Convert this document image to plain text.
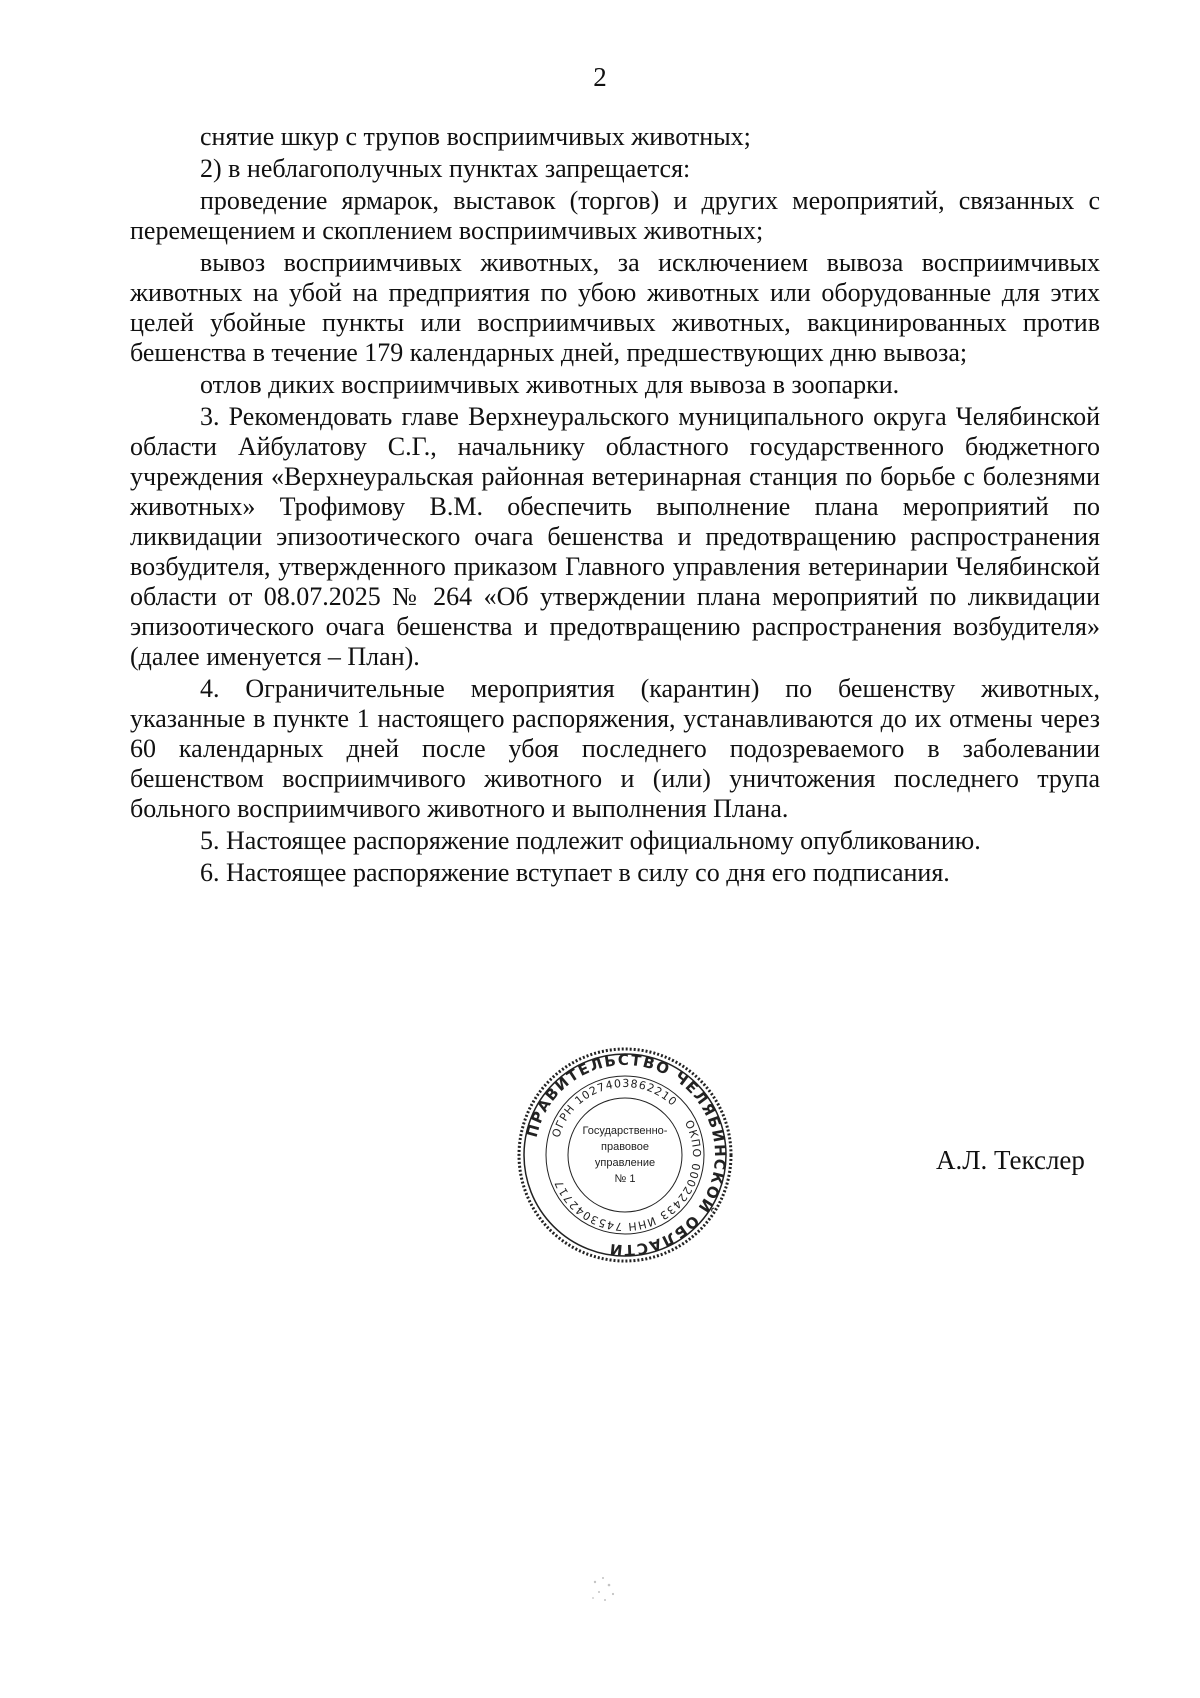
2

снятие шкур с трупов восприимчивых животных;

2) в неблагополучных пунктах запрещается:

проведение ярмарок, выставок (торгов) и других мероприятий, связанных с перемещением и скоплением восприимчивых животных;

вывоз восприимчивых животных, за исключением вывоза восприимчивых животных на убой на предприятия по убою животных или оборудованные для этих целей убойные пункты или восприимчивых животных, вакцинированных против бешенства в течение 179 календарных дней, предшествующих дню вывоза;

отлов диких восприимчивых животных для вывоза в зоопарки.

3. Рекомендовать главе Верхнеуральского муниципального округа Челябинской области Айбулатову С.Г., начальнику областного государственного бюджетного учреждения «Верхнеуральская районная ветеринарная станция по борьбе с болезнями животных» Трофимову В.М. обеспечить выполнение плана мероприятий по ликвидации эпизоотического очага бешенства и предотвращению распространения возбудителя, утвержденного приказом Главного управления ветеринарии Челябинской области от 08.07.2025 № 264 «Об утверждении плана мероприятий по ликвидации эпизоотического очага бешенства и предотвращению распространения возбудителя» (далее именуется – План).

4. Ограничительные мероприятия (карантин) по бешенству животных, указанные в пункте 1 настоящего распоряжения, устанавливаются до их отмены через 60 календарных дней после убоя последнего подозреваемого в заболевании бешенством восприимчивого животного и (или) уничтожения последнего трупа больного восприимчивого животного и выполнения Плана.

5. Настоящее распоряжение подлежит официальному опубликованию.

6. Настоящее распоряжение вступает в силу со дня его подписания.

ПРАВИТЕЛЬСТВО ЧЕЛЯБИНСКОЙ ОБЛАСТИ
ОГРН 1027403862210
ОКПО 00022433
ИНН 7453042717
Государственно-
правовое
управление
№ 1
А.Л. Текслер
